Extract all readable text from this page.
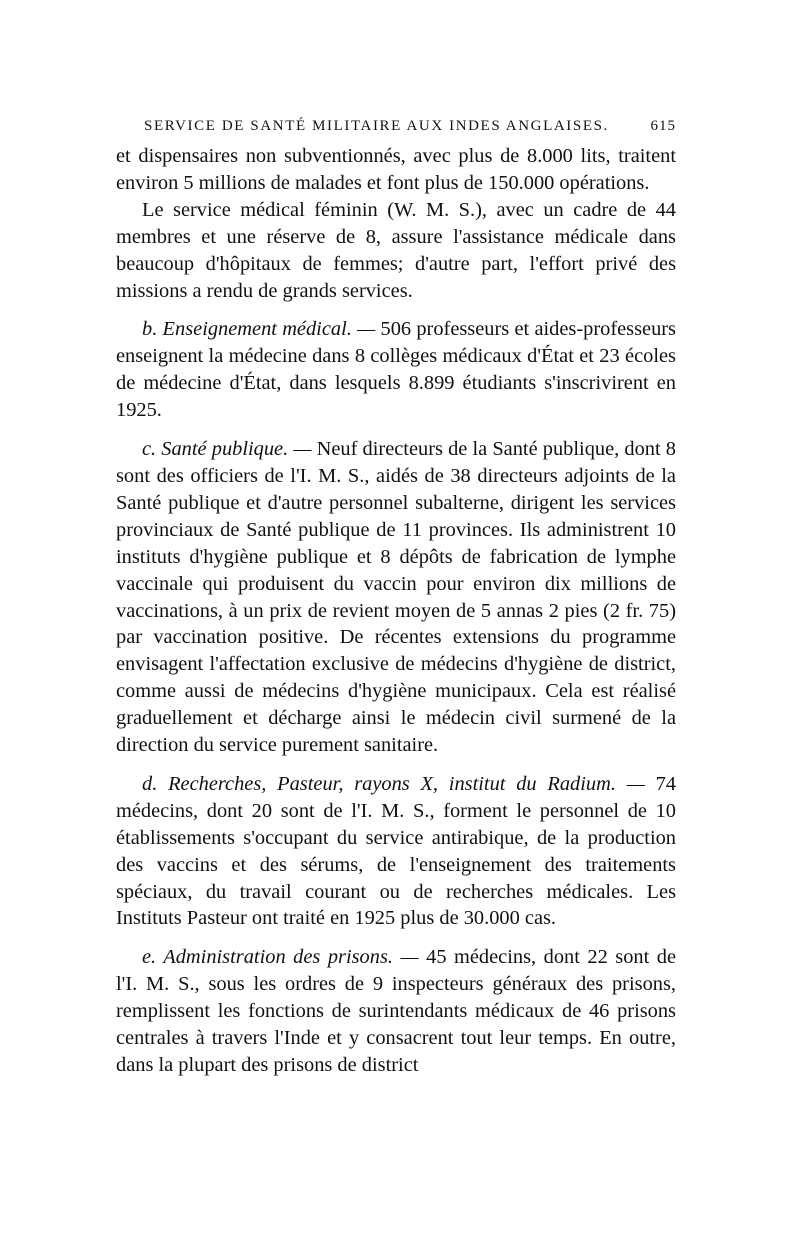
SERVICE DE SANTÉ MILITAIRE AUX INDES ANGLAISES.	615

et dispensaires non subventionnés, avec plus de 8.000 lits, traitent environ 5 millions de malades et font plus de 150.000 opérations.

Le service médical féminin (W. M. S.), avec un cadre de 44 membres et une réserve de 8, assure l'assistance médicale dans beaucoup d'hôpitaux de femmes; d'autre part, l'effort privé des missions a rendu de grands services.

b. Enseignement médical. — 506 professeurs et aides-professeurs enseignent la médecine dans 8 collèges médicaux d'État et 23 écoles de médecine d'État, dans lesquels 8.899 étudiants s'inscrivirent en 1925.

c. Santé publique. — Neuf directeurs de la Santé publique, dont 8 sont des officiers de l'I. M. S., aidés de 38 directeurs adjoints de la Santé publique et d'autre personnel subalterne, dirigent les services provinciaux de Santé publique de 11 provinces. Ils administrent 10 instituts d'hygiène publique et 8 dépôts de fabrication de lymphe vaccinale qui produisent du vaccin pour environ dix millions de vaccinations, à un prix de revient moyen de 5 annas 2 pies (2 fr. 75) par vaccination positive. De récentes extensions du programme envisagent l'affectation exclusive de médecins d'hygiène de district, comme aussi de médecins d'hygiène municipaux. Cela est réalisé graduellement et décharge ainsi le médecin civil surmené de la direction du service purement sanitaire.

d. Recherches, Pasteur, rayons X, institut du Radium. — 74 médecins, dont 20 sont de l'I. M. S., forment le personnel de 10 établissements s'occupant du service antirabique, de la production des vaccins et des sérums, de l'enseignement des traitements spéciaux, du travail courant ou de recherches médicales. Les Instituts Pasteur ont traité en 1925 plus de 30.000 cas.

e. Administration des prisons. — 45 médecins, dont 22 sont de l'I. M. S., sous les ordres de 9 inspecteurs généraux des prisons, remplissent les fonctions de surintendants médicaux de 46 prisons centrales à travers l'Inde et y consacrent tout leur temps. En outre, dans la plupart des prisons de district
